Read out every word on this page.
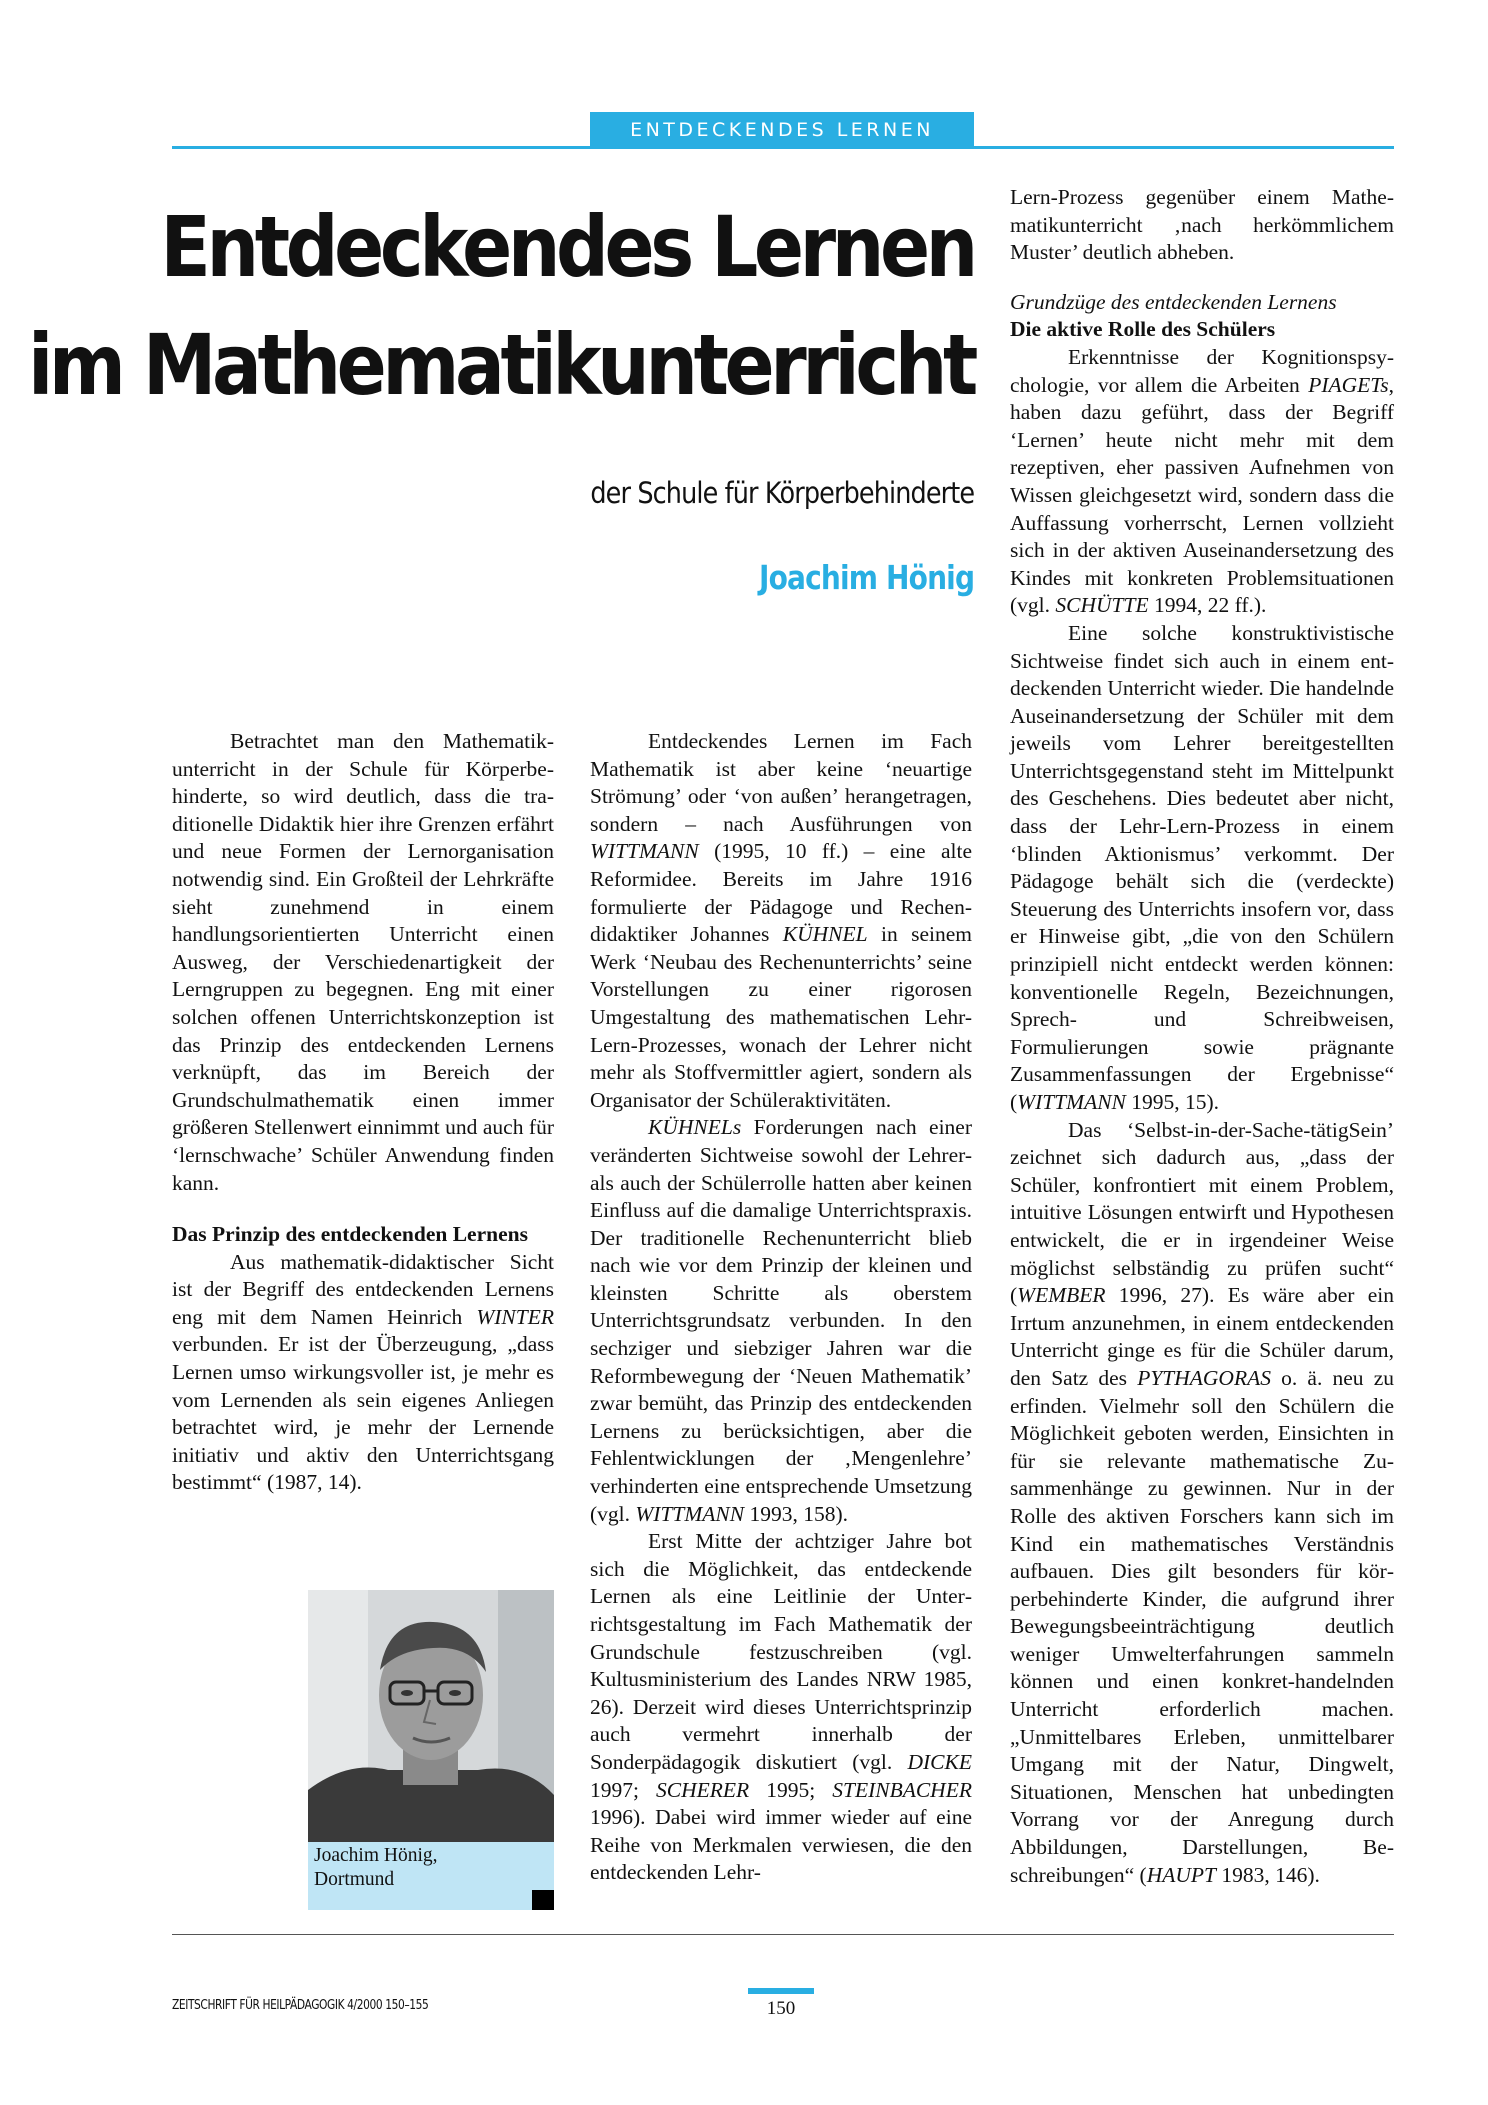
ENTDECKENDES LERNEN
Entdeckendes Lernen
im Mathematikunterricht
der Schule für Körperbehinderte
Joachim Hönig

Betrachtet man den Mathematikunterricht in der Schule für Körperbehinderte, so wird deutlich, dass die traditionelle Didaktik hier ihre Grenzen erfährt und neue Formen der Lernorganisation notwendig sind. Ein Großteil der Lehrkräfte sieht zunehmend in einem handlungsorientierten Unterricht einen Ausweg, der Verschiedenartigkeit der Lerngruppen zu begegnen. Eng mit einer solchen offenen Unterrichtskonzeption ist das Prinzip des entdeckenden Lernens verknüpft, das im Bereich der Grundschulmathematik einen immer größeren Stellenwert einnimmt und auch für ‘lernschwache’ Schüler Anwendung finden kann.

Das Prinzip des entdeckenden Lernens

Aus mathematik-didaktischer Sicht ist der Begriff des entdeckenden Lernens eng mit dem Namen Heinrich WINTER verbunden. Er ist der Überzeugung, „dass Lernen umso wirkungsvoller ist, je mehr es vom Lernenden als sein eigenes Anliegen betrachtet wird, je mehr der Lernende initiativ und aktiv den Unterrichtsgang bestimmt“ (1987, 14).

Joachim Hönig,
Dortmund

Entdeckendes Lernen im Fach Mathematik ist aber keine ‘neuartige Strömung’ oder ‘von außen’ herangetragen, sondern – nach Ausführungen von WITTMANN (1995, 10 ff.) – eine alte Reformidee. Bereits im Jahre 1916 formulierte der Pädagoge und Rechendidaktiker Johannes KÜHNEL in seinem Werk ‘Neubau des Rechenunterrichts’ seine Vorstellungen zu einer rigorosen Umgestaltung des mathematischen Lehr-Lern-Prozesses, wonach der Lehrer nicht mehr als Stoffvermittler agiert, sondern als Organisator der Schüleraktivitäten.

KÜHNELs Forderungen nach einer veränderten Sichtweise sowohl der Lehrer- als auch der Schülerrolle hatten aber keinen Einfluss auf die damalige Unterrichtspraxis. Der traditionelle Rechenunterricht blieb nach wie vor dem Prinzip der kleinen und kleinsten Schritte als oberstem Unterrichtsgrundsatz verbunden. In den sechziger und siebziger Jahren war die Reformbewegung der ‘Neuen Mathematik’ zwar bemüht, das Prinzip des entdeckenden Lernens zu berücksichtigen, aber die Fehlentwicklungen der ‚Mengenlehre’ verhinderten eine entsprechende Umsetzung (vgl. WITTMANN 1993, 158).

Erst Mitte der achtziger Jahre bot sich die Möglichkeit, das entdeckende Lernen als eine Leitlinie der Unterrichtsgestaltung im Fach Mathematik der Grundschule festzuschreiben (vgl. Kultusministerium des Landes NRW 1985, 26). Derzeit wird dieses Unterrichtsprinzip auch vermehrt innerhalb der Sonderpädagogik diskutiert (vgl. DICKE 1997; SCHERER 1995; STEINBACHER 1996). Dabei wird immer wieder auf eine Reihe von Merkmalen verwiesen, die den entdeckenden Lehr-

Lern-Prozess gegenüber einem Mathematikunterricht ‚nach herkömmlichem Muster’ deutlich abheben.

Grundzüge des entdeckenden Lernens
Die aktive Rolle des Schülers

Erkenntnisse der Kognitionspsychologie, vor allem die Arbeiten PIAGETs, haben dazu geführt, dass der Begriff ‘Lernen’ heute nicht mehr mit dem rezeptiven, eher passiven Aufnehmen von Wissen gleichgesetzt wird, sondern dass die Auffassung vorherrscht, Lernen vollzieht sich in der aktiven Auseinandersetzung des Kindes mit konkreten Problemsituationen (vgl. SCHÜTTE 1994, 22 ff.).

Eine solche konstruktivistische Sichtweise findet sich auch in einem entdeckenden Unterricht wieder. Die handelnde Auseinandersetzung der Schüler mit dem jeweils vom Lehrer bereitgestellten Unterrichtsgegenstand steht im Mittelpunkt des Geschehens. Dies bedeutet aber nicht, dass der Lehr-Lern-Prozess in einem ‘blinden Aktionismus’ verkommt. Der Pädagoge behält sich die (verdeckte) Steuerung des Unterrichts insofern vor, dass er Hinweise gibt, „die von den Schülern prinzipiell nicht entdeckt werden können: konventionelle Regeln, Bezeichnungen, Sprech- und Schreibweisen, Formulierungen sowie prägnante Zusammenfassungen der Ergebnisse“ (WITTMANN 1995, 15).

Das ‘Selbst-in-der-Sache-tätigSein’ zeichnet sich dadurch aus, „dass der Schüler, konfrontiert mit einem Problem, intuitive Lösungen entwirft und Hypothesen entwickelt, die er in irgendeiner Weise möglichst selbständig zu prüfen sucht“ (WEMBER 1996, 27). Es wäre aber ein Irrtum anzunehmen, in einem entdeckenden Unterricht ginge es für die Schüler darum, den Satz des PYTHAGORAS o. ä. neu zu erfinden. Vielmehr soll den Schülern die Möglichkeit geboten werden, Einsichten in für sie relevante mathematische Zusammenhänge zu gewinnen. Nur in der Rolle des aktiven Forschers kann sich im Kind ein mathematisches Verständnis aufbauen. Dies gilt besonders für körperbehinderte Kinder, die aufgrund ihrer Bewegungsbeeinträchtigung deutlich weniger Umwelterfahrungen sammeln können und einen konkret-handelnden Unterricht erforderlich machen. „Unmittelbares Erleben, unmittelbarer Umgang mit der Natur, Dingwelt, Situationen, Menschen hat unbedingten Vorrang vor der Anregung durch Abbildungen, Darstellungen, Beschreibungen“ (HAUPT 1983, 146).

ZEITSCHRIFT FÜR HEILPÄDAGOGIK 4/2000 150–155	150
